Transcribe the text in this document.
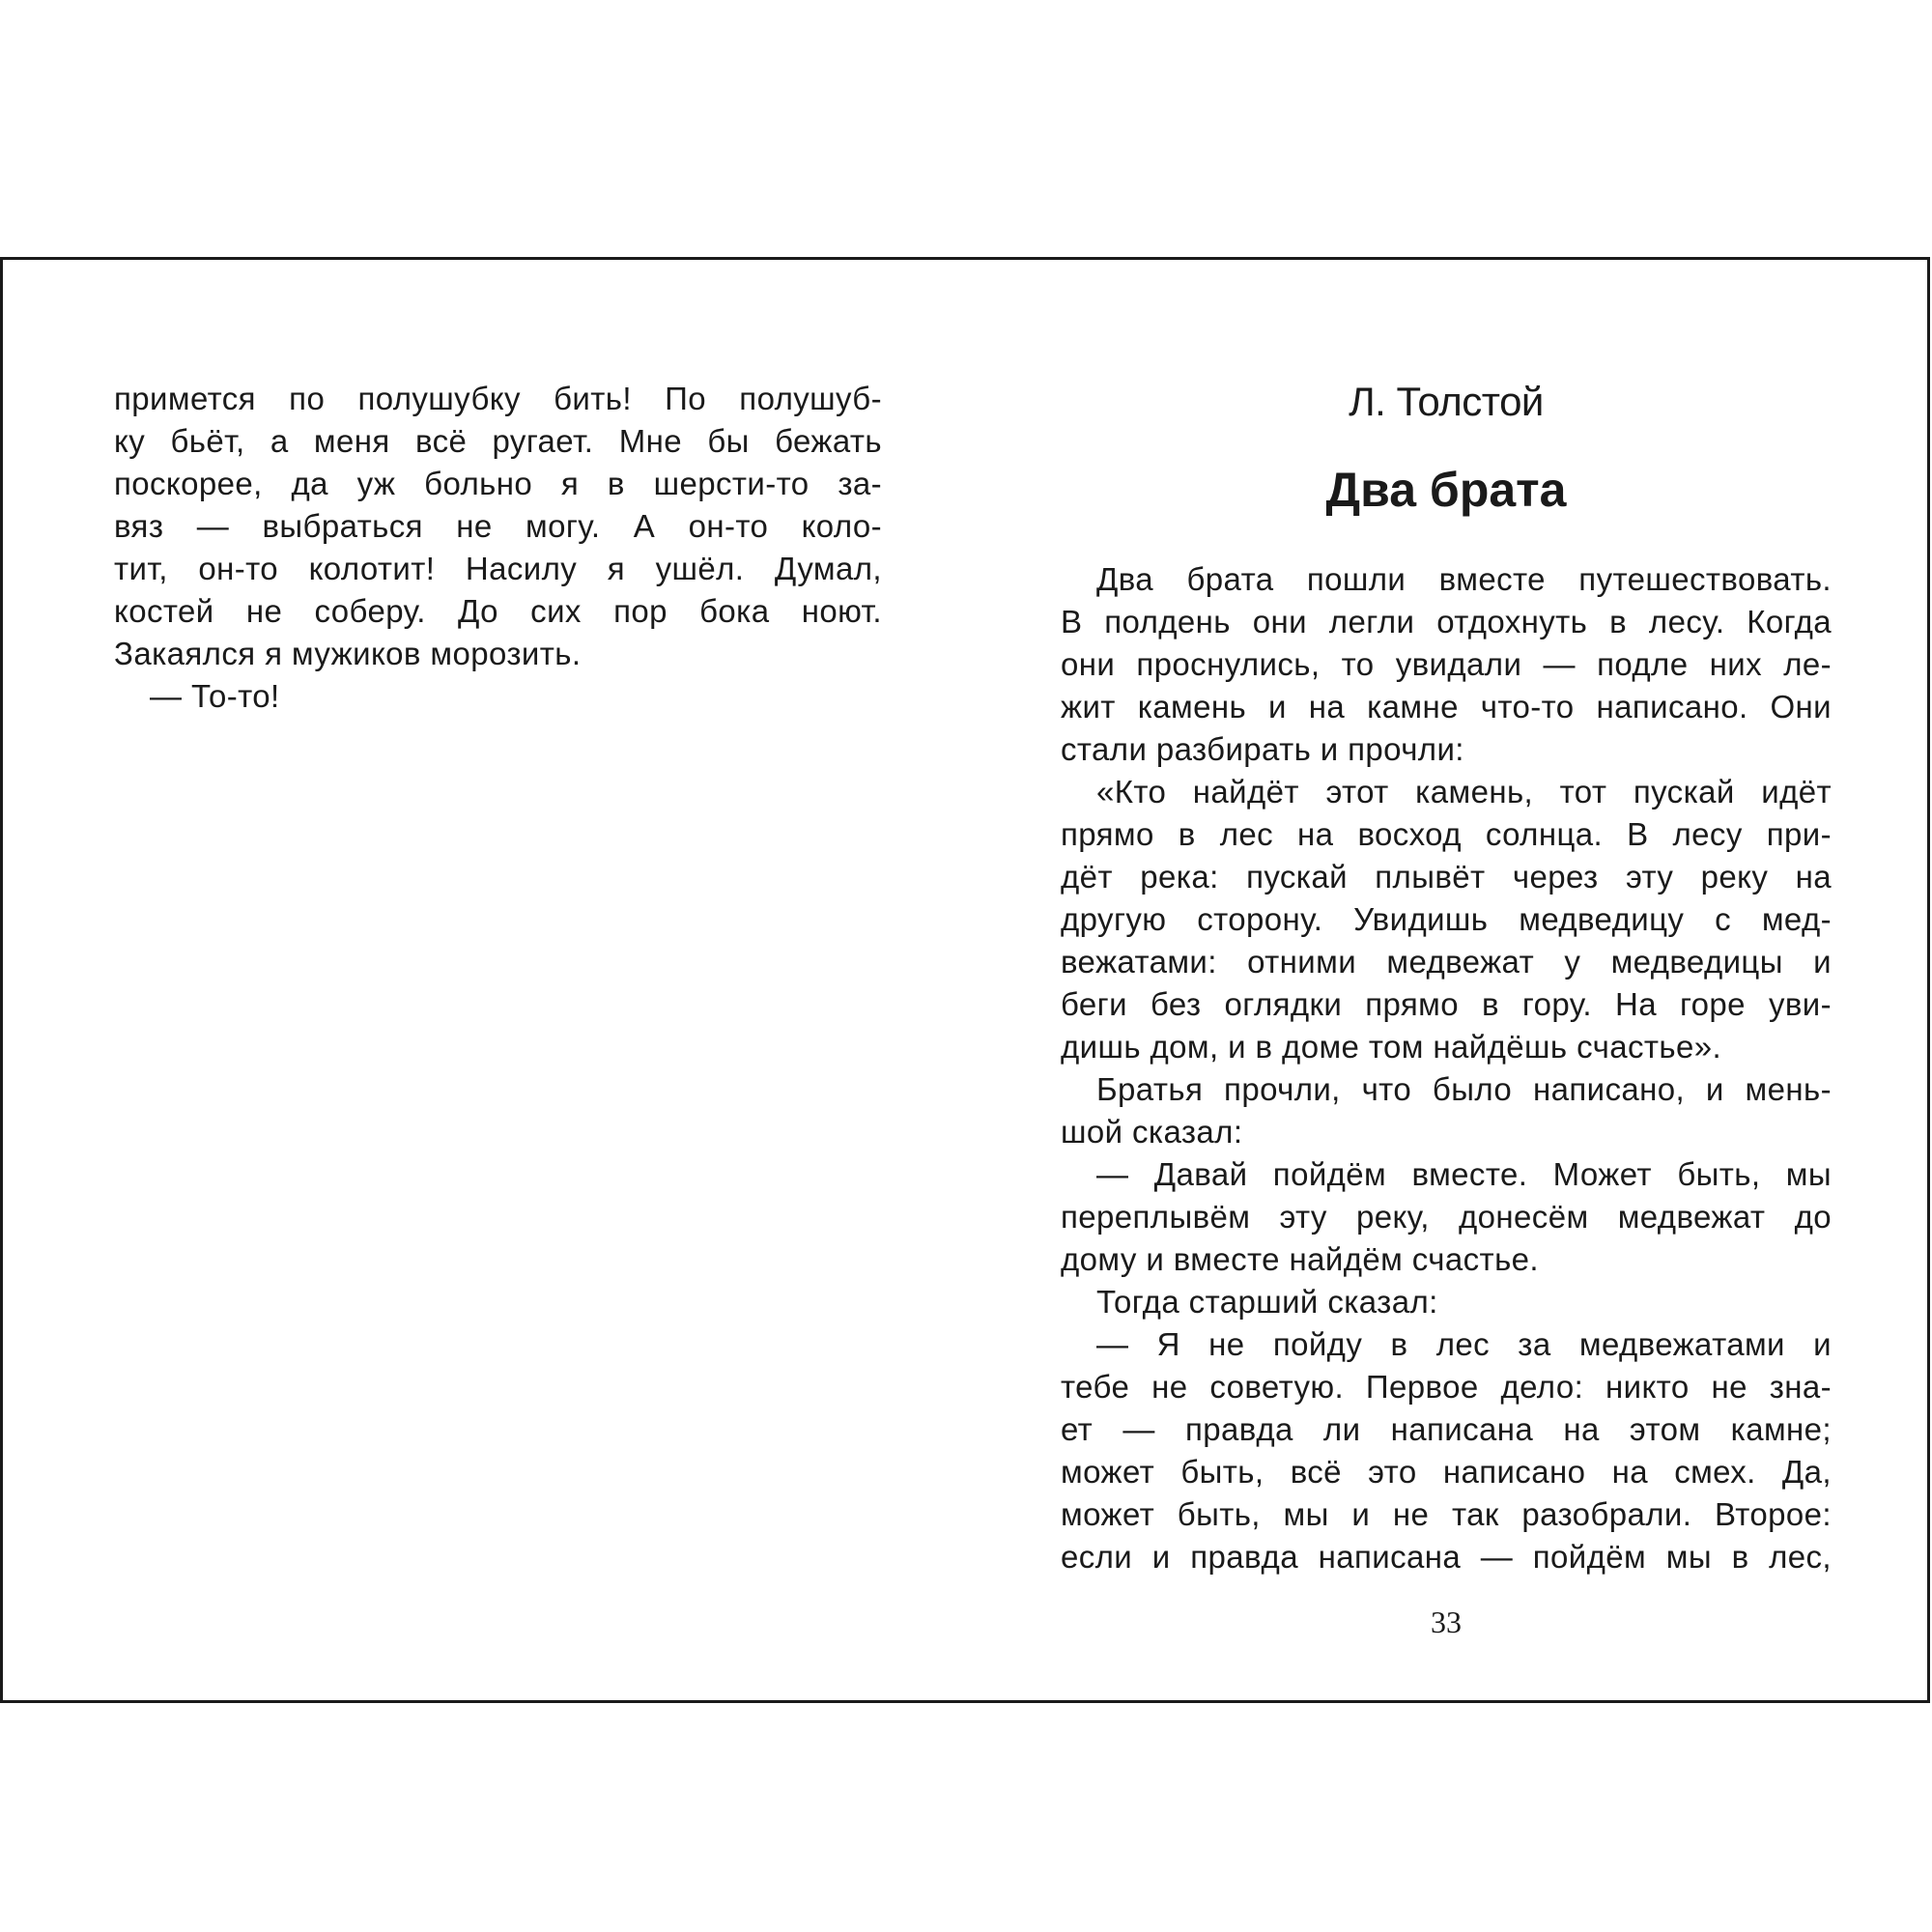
примется по полушубку бить! По полушуб-
ку бьёт, а меня всё ругает. Мне бы бежать
поскорее, да уж больно я в шерсти-то за-
вяз — выбраться не могу. А он-то коло-
тит, он-то колотит! Насилу я ушёл. Думал,
костей не соберу. До сих пор бока ноют.
Закаялся я мужиков морозить.
— То-то!
Л. Толстой
Два брата
Два брата пошли вместе путешествовать.
В полдень они легли отдохнуть в лесу. Когда
они проснулись, то увидали — подле них ле-
жит камень и на камне что-то написано. Они
стали разбирать и прочли:
«Кто найдёт этот камень, тот пускай идёт
прямо в лес на восход солнца. В лесу при-
дёт река: пускай плывёт через эту реку на
другую сторону. Увидишь медведицу с мед-
вежатами: отними медвежат у медведицы и
беги без оглядки прямо в гору. На горе уви-
дишь дом, и в доме том найдёшь счастье».
Братья прочли, что было написано, и мень-
шой сказал:
— Давай пойдём вместе. Может быть, мы
переплывём эту реку, донесём медвежат до
дому и вместе найдём счастье.
Тогда старший сказал:
— Я не пойду в лес за медвежатами и
тебе не советую. Первое дело: никто не зна-
ет — правда ли написана на этом камне;
может быть, всё это написано на смех. Да,
может быть, мы и не так разобрали. Второе:
если и правда написана — пойдём мы в лес,
33
